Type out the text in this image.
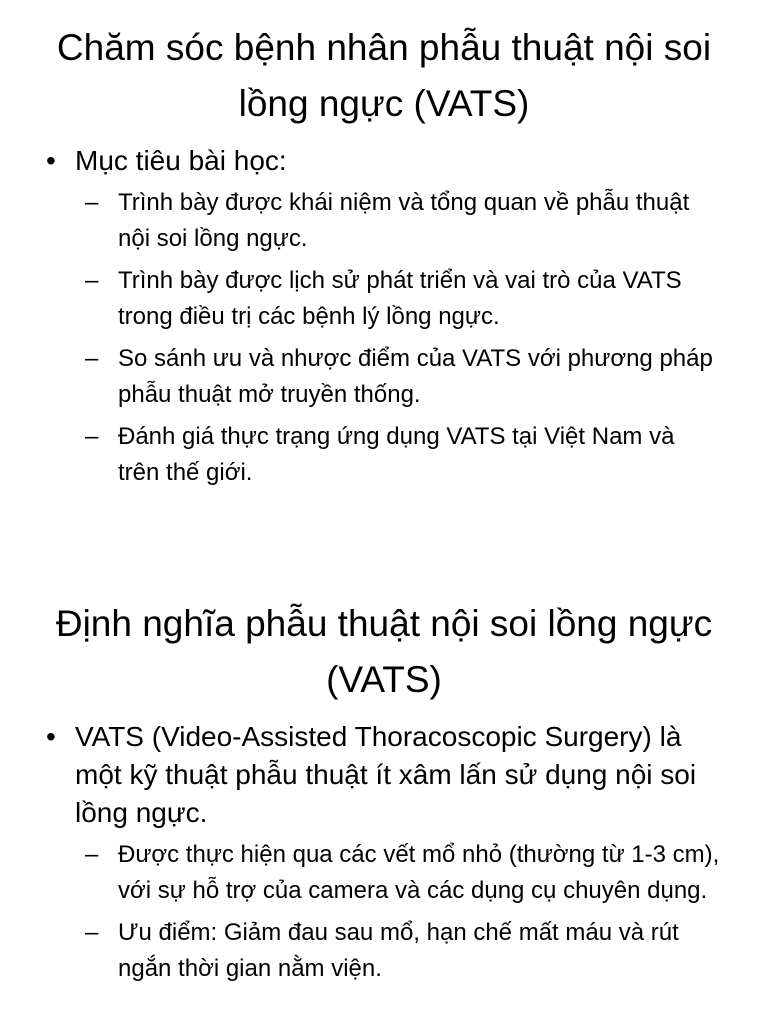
Chăm sóc bệnh nhân phẫu thuật nội soi lồng ngực (VATS)
• Mục tiêu bài học:
– Trình bày được khái niệm và tổng quan về phẫu thuật nội soi lồng ngực.
– Trình bày được lịch sử phát triển và vai trò của VATS trong điều trị các bệnh lý lồng ngực.
– So sánh ưu và nhược điểm của VATS với phương pháp phẫu thuật mở truyền thống.
– Đánh giá thực trạng ứng dụng VATS tại Việt Nam và trên thế giới.
Định nghĩa phẫu thuật nội soi lồng ngực (VATS)
• VATS (Video-Assisted Thoracoscopic Surgery) là một kỹ thuật phẫu thuật ít xâm lấn sử dụng nội soi lồng ngực.
– Được thực hiện qua các vết mổ nhỏ (thường từ 1-3 cm), với sự hỗ trợ của camera và các dụng cụ chuyên dụng.
– Ưu điểm: Giảm đau sau mổ, hạn chế mất máu và rút ngắn thời gian nằm viện.
